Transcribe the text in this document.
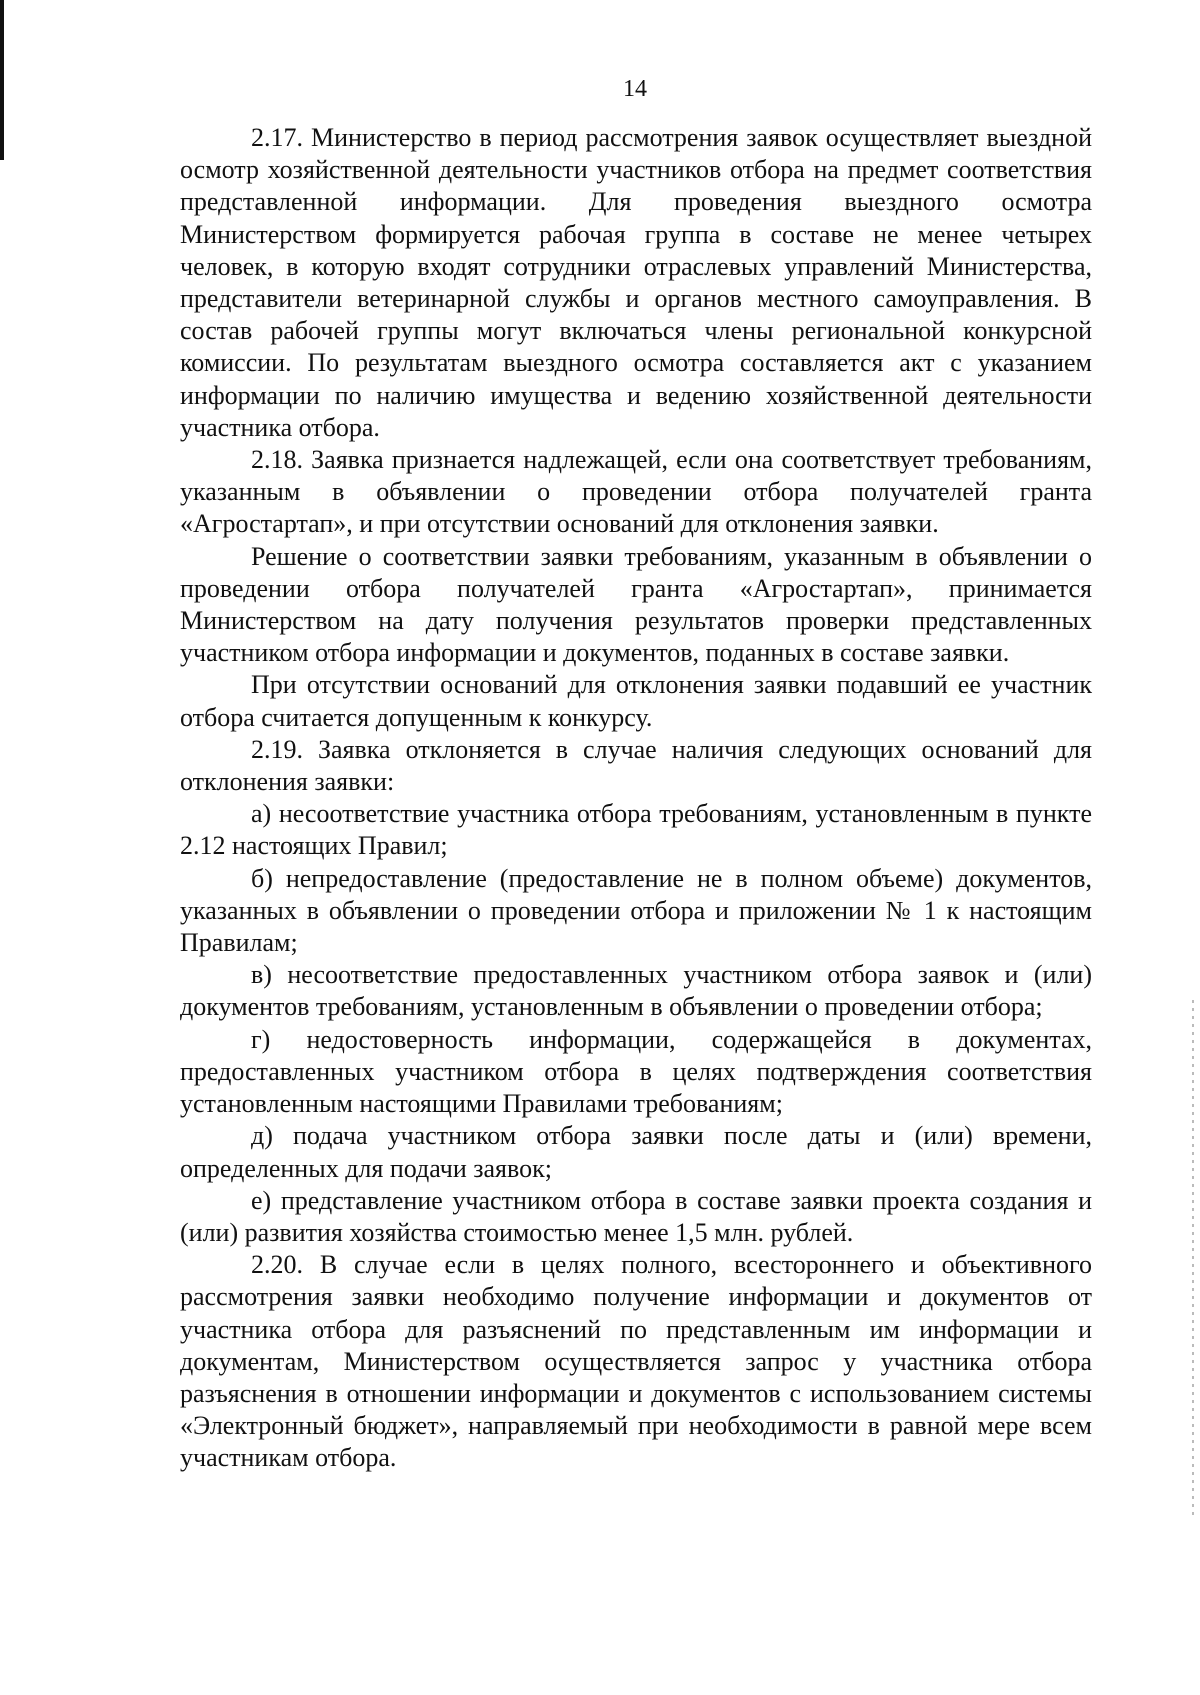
14

2.17. Министерство в период рассмотрения заявок осуществляет выездной осмотр хозяйственной деятельности участников отбора на предмет соответствия представленной информации. Для проведения выездного осмотра Министерством формируется рабочая группа в составе не менее четырех человек, в которую входят сотрудники отраслевых управлений Министерства, представители ветеринарной службы и органов местного самоуправления. В состав рабочей группы могут включаться члены региональной конкурсной комиссии. По результатам выездного осмотра составляется акт с указанием информации по наличию имущества и ведению хозяйственной деятельности участника отбора.

2.18. Заявка признается надлежащей, если она соответствует требованиям, указанным в объявлении о проведении отбора получателей гранта «Агростартап», и при отсутствии оснований для отклонения заявки.

Решение о соответствии заявки требованиям, указанным в объявлении о проведении отбора получателей гранта «Агростартап», принимается Министерством на дату получения результатов проверки представленных участником отбора информации и документов, поданных в составе заявки.

При отсутствии оснований для отклонения заявки подавший ее участник отбора считается допущенным к конкурсу.

2.19. Заявка отклоняется в случае наличия следующих оснований для отклонения заявки:

а) несоответствие участника отбора требованиям, установленным в пункте 2.12 настоящих Правил;

б) непредоставление (предоставление не в полном объеме) документов, указанных в объявлении о проведении отбора и приложении № 1 к настоящим Правилам;

в) несоответствие предоставленных участником отбора заявок и (или) документов требованиям, установленным в объявлении о проведении отбора;

г) недостоверность информации, содержащейся в документах, предоставленных участником отбора в целях подтверждения соответствия установленным настоящими Правилами требованиям;

д) подача участником отбора заявки после даты и (или) времени, определенных для подачи заявок;

е) представление участником отбора в составе заявки проекта создания и (или) развития хозяйства стоимостью менее 1,5 млн. рублей.

2.20. В случае если в целях полного, всестороннего и объективного рассмотрения заявки необходимо получение информации и документов от участника отбора для разъяснений по представленным им информации и документам, Министерством осуществляется запрос у участника отбора разъяснения в отношении информации и документов с использованием системы «Электронный бюджет», направляемый при необходимости в равной мере всем участникам отбора.
